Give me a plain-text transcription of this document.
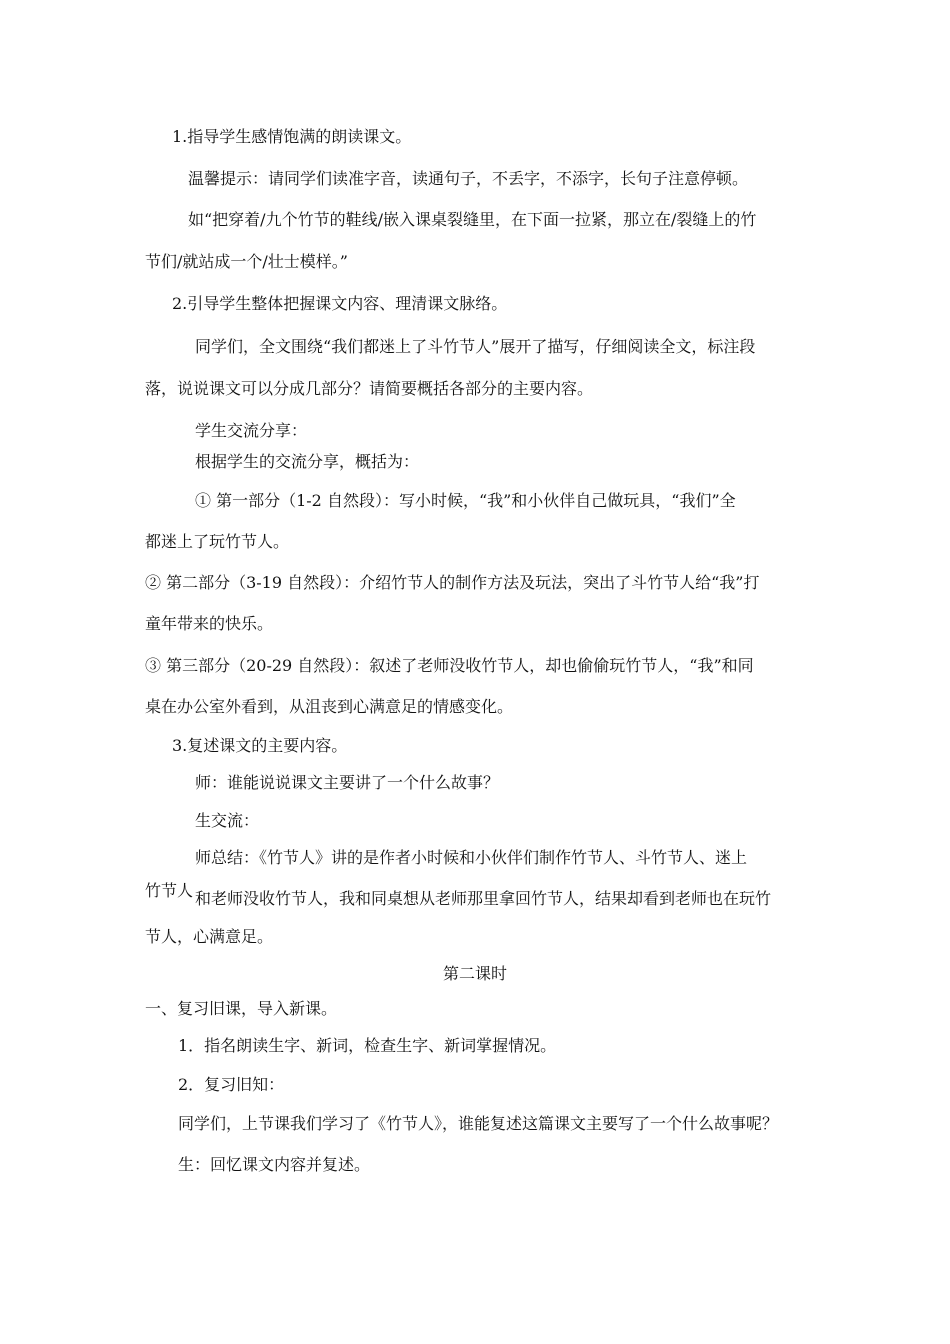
1.指导学生感情饱满的朗读课文。
温馨提示：请同学们读准字音，读通句子，不丢字，不添字，长句子注意停顿。
如“把穿着/九个竹节的鞋线/嵌入课桌裂缝里，在下面一拉紧，那立在/裂缝上的竹
节们/就站成一个/壮士模样。”
2.引导学生整体把握课文内容、理清课文脉络。
同学们，全文围绕“我们都迷上了斗竹节人”展开了描写，仔细阅读全文，标注段
落，说说课文可以分成几部分？请简要概括各部分的主要内容。
学生交流分享：
根据学生的交流分享，概括为：
① 第一部分（1-2 自然段）：写小时候，“我”和小伙伴自己做玩具，“我们”全
都迷上了玩竹节人。
② 第二部分（3-19 自然段）：介绍竹节人的制作方法及玩法，突出了斗竹节人给“我”打
童年带来的快乐。
③ 第三部分（20-29 自然段）：叙述了老师没收竹节人，却也偷偷玩竹节人，“我”和同
桌在办公室外看到，从沮丧到心满意足的情感变化。
3.复述课文的主要内容。
师：谁能说说课文主要讲了一个什么故事？
生交流：
师总结：《竹节人》讲的是作者小时候和小伙伴们制作竹节人、斗竹节人、迷上
竹节人 和老师没收竹节人，我和同桌想从老师那里拿回竹节人，结果却看到老师也在玩竹
节人，心满意足。
第二课时
一、复习旧课，导入新课。
1．指名朗读生字、新词，检查生字、新词掌握情况。
2．复习旧知：
同学们，上节课我们学习了《竹节人》，谁能复述这篇课文主要写了一个什么故事呢？
生：回忆课文内容并复述。
